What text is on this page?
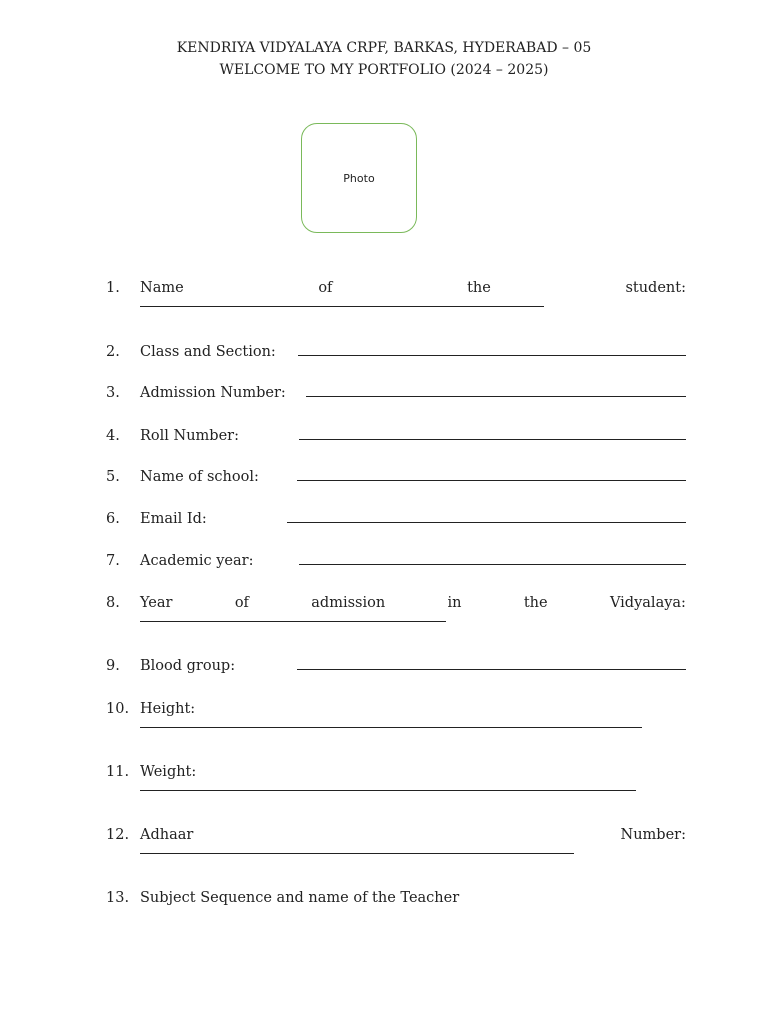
KENDRIYA VIDYALAYA CRPF, BARKAS, HYDERABAD – 05
WELCOME TO MY PORTFOLIO (2024 – 2025)
Photo
1.	Name	of	the	student:
2.	Class and Section:
3.	Admission Number:
4.	Roll Number:
5.	Name of school:
6.	Email Id:
7.	Academic year:
8.	Year	of	admission	in	the	Vidyalaya:
9.	Blood group:
10. Height:
11. Weight:
12. Adhaar	Number:
13. Subject Sequence and name of the Teacher
